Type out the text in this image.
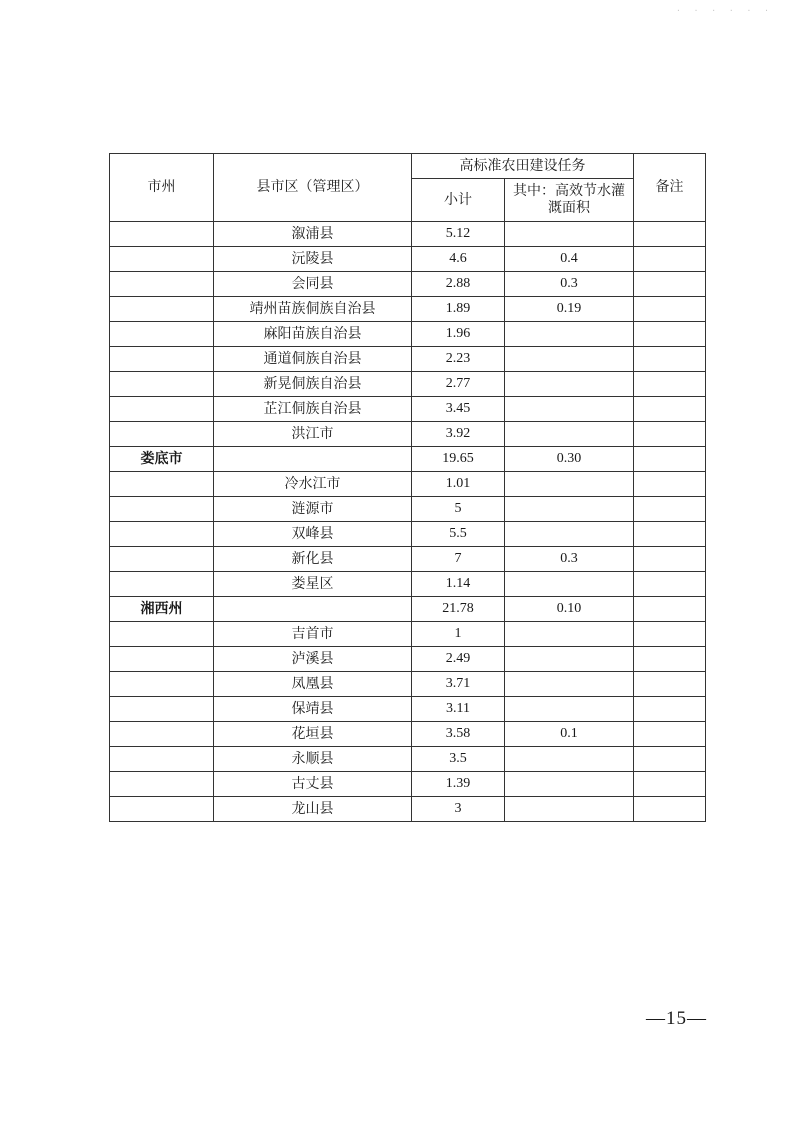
· · · · · ·
市州	县市区（管理区）	高标准农田建设任务		备注
		小计	其中：高效节水灌溉面积	
	溆浦县	5.12		
	沅陵县	4.6	0.4	
	会同县	2.88	0.3	
	靖州苗族侗族自治县	1.89	0.19	
	麻阳苗族自治县	1.96		
	通道侗族自治县	2.23		
	新晃侗族自治县	2.77		
	芷江侗族自治县	3.45		
	洪江市	3.92		
娄底市		19.65	0.30	
	冷水江市	1.01		
	涟源市	5		
	双峰县	5.5		
	新化县	7	0.3	
	娄星区	1.14		
湘西州		21.78	0.10	
	吉首市	1		
	泸溪县	2.49		
	凤凰县	3.71		
	保靖县	3.11		
	花垣县	3.58	0.1	
	永顺县	3.5		
	古丈县	1.39		
	龙山县	3		
—15—
